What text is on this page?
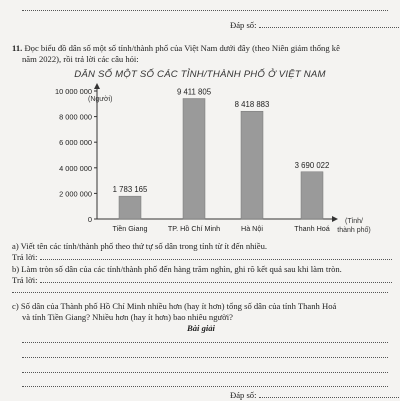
Đáp số:
11. Đọc biểu đồ dân số một số tỉnh/thành phố của Việt Nam dưới đây (theo Niên giám thống kê
năm 2022), rồi trả lời các câu hỏi:
DÂN SỐ MỘT SỐ CÁC TỈNH/THÀNH PHỐ Ở VIỆT NAM
(Người)
0
2 000 000
4 000 000
6 000 000
8 000 000
10 000 000
1 783 165
Tiền Giang
9 411 805
TP. Hồ Chí Minh
8 418 883
Hà Nội
3 690 022
Thanh Hoá
(Tỉnh/
thành phố)
a) Viết tên các tỉnh/thành phố theo thứ tự số dân trong tỉnh từ ít đến nhiều.
Trả lời:
b) Làm tròn số dân của các tỉnh/thành phố đến hàng trăm nghìn, ghi rõ kết quả sau khi làm tròn.
Trả lời:
c) Số dân của Thành phố Hồ Chí Minh nhiều hơn (hay ít hơn) tổng số dân của tỉnh Thanh Hoá
và tỉnh Tiền Giang? Nhiều hơn (hay ít hơn) bao nhiêu người?
Bài giải
Đáp số:
